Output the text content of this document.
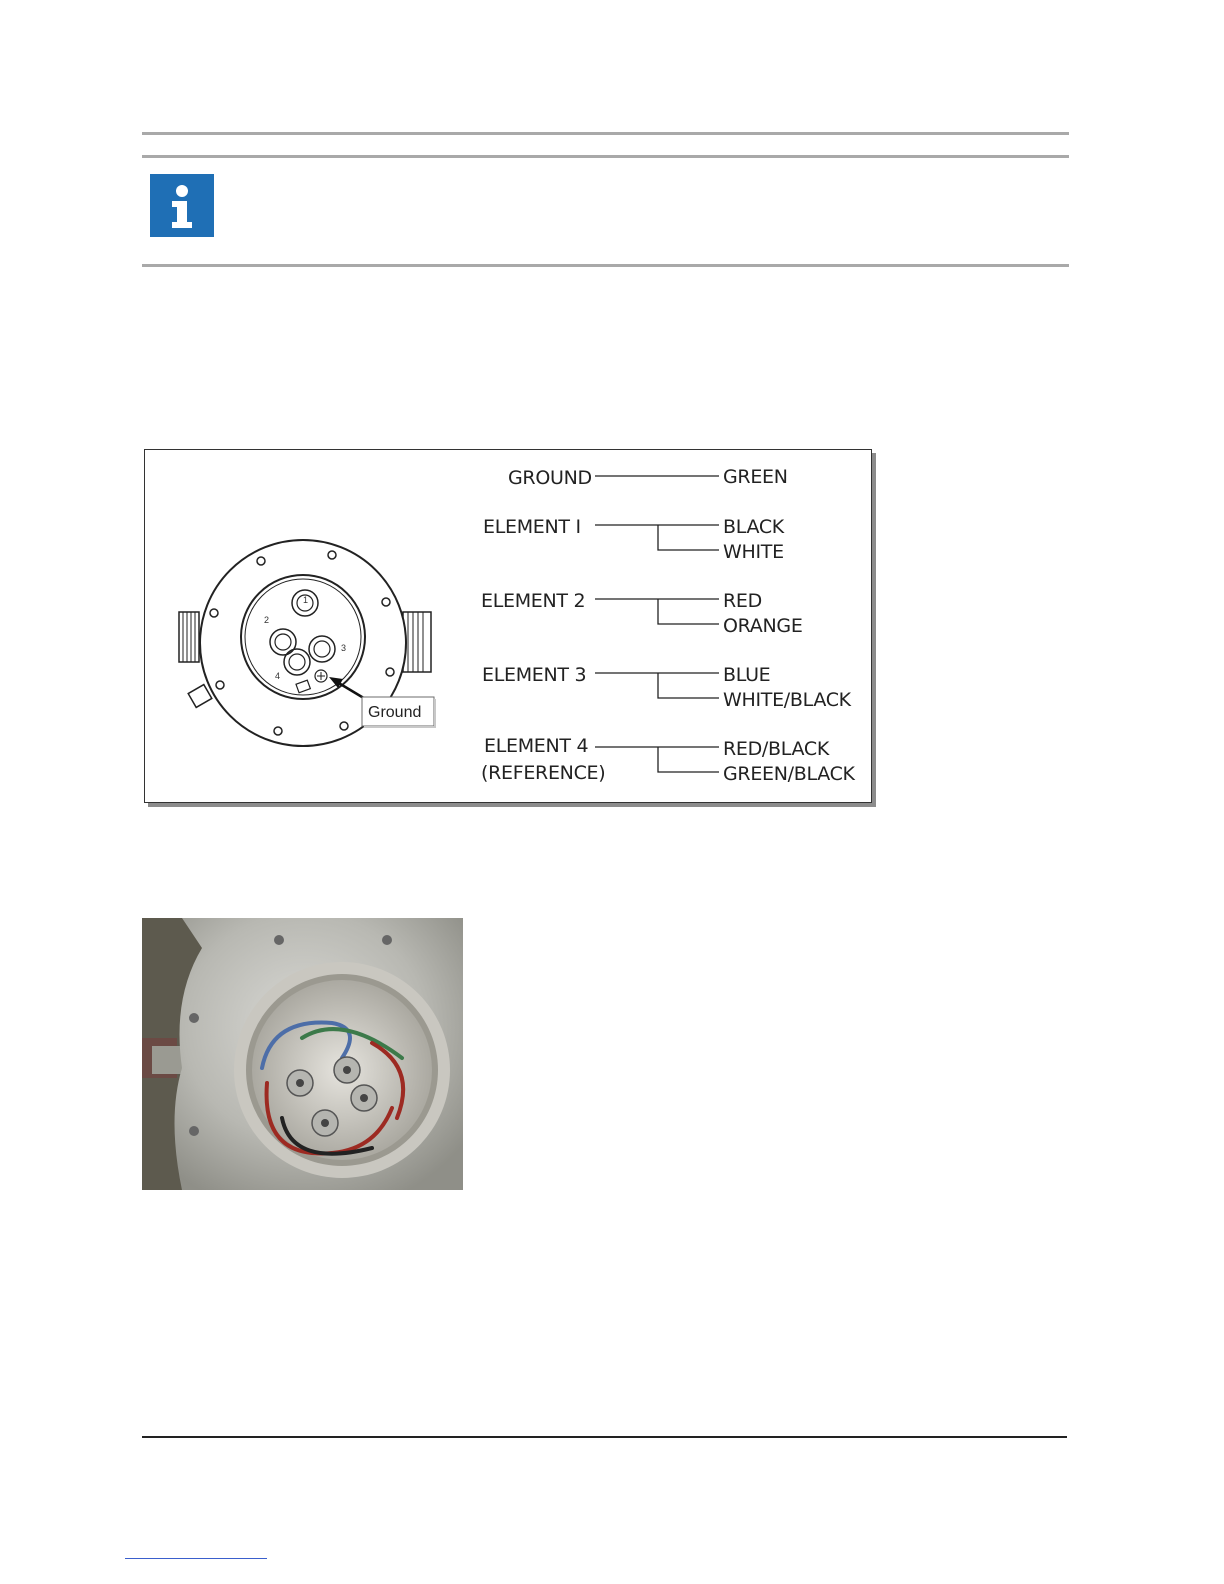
1
2
3
4
Ground
GROUND
ELEMENT I
ELEMENT 2
ELEMENT 3
ELEMENT 4
(REFERENCE)
GREEN
BLACK
WHITE
RED
ORANGE
BLUE
WHITE/BLACK
RED/BLACK
GREEN/BLACK
